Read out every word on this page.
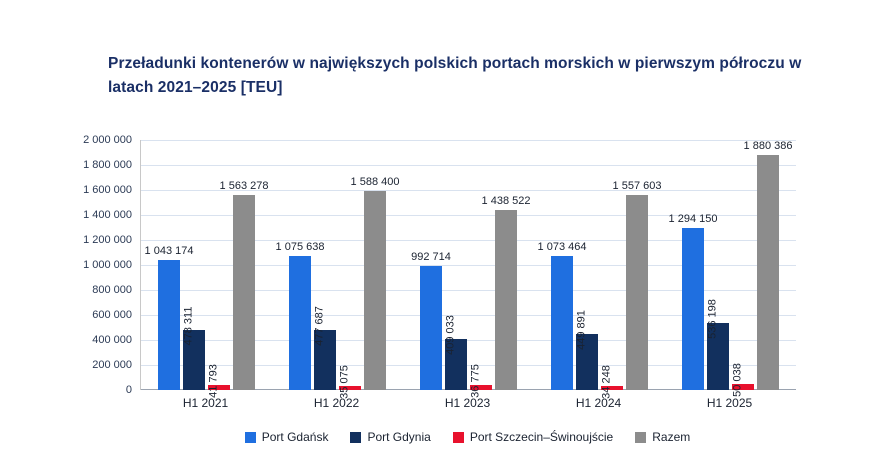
Przeładunki kontenerów w największych polskich portach morskich w pierwszym półroczu w latach 2021–2025 [TEU]
0
200 000
400 000
600 000
800 000
1 000 000
1 200 000
1 400 000
1 600 000
1 800 000
2 000 000
1 043 174
478 311
41 793
1 563 278
1 075 638
477 687
35 075
1 588 400
992 714
409 033
36 775
1 438 522
1 073 464
449 891
34 248
1 557 603
1 294 150
536 198
50 038
1 880 386
H1 2021	H1 2022	H1 2023	H1 2024	H1 2025
Port Gdańsk	Port Gdynia	Port Szczecin–Świnoujście	Razem
